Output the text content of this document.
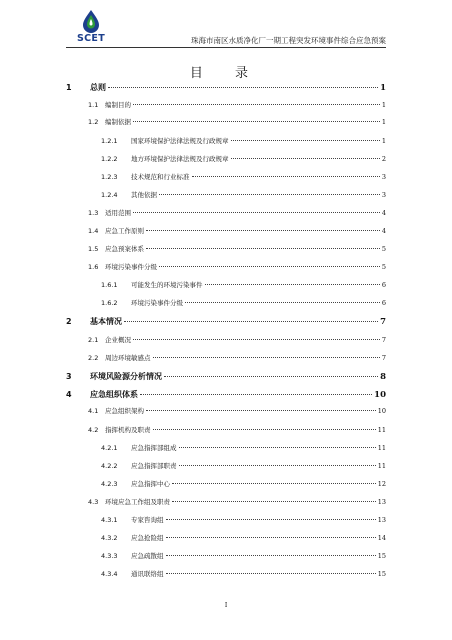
SCET	珠海市南区水质净化厂一期工程突发环境事件综合应急预案
目 录
1	总则	1
1.1	编制目的	1
1.2	编制依据	1
1.2.1	国家环境保护法律法规及行政规章	1
1.2.2	地方环境保护法律法规及行政规章	2
1.2.3	技术规范和行业标准	3
1.2.4	其他依据	3
1.3	适用范围	4
1.4	应急工作原则	4
1.5	应急预案体系	5
1.6	环境污染事件分级	5
1.6.1	可能发生的环境污染事件	6
1.6.2	环境污染事件分级	6
2	基本情况	7
2.1	企业概况	7
2.2	周边环境敏感点	7
3	环境风险源分析情况	8
4	应急组织体系	10
4.1	应急组织架构	10
4.2	指挥机构及职责	11
4.2.1	应急指挥部组成	11
4.2.2	应急指挥部职责	11
4.2.3	应急指挥中心	12
4.3	环境应急工作组及职责	13
4.3.1	专家咨询组	13
4.3.2	应急抢险组	14
4.3.3	应急疏散组	15
4.3.4	通讯联络组	15
I
